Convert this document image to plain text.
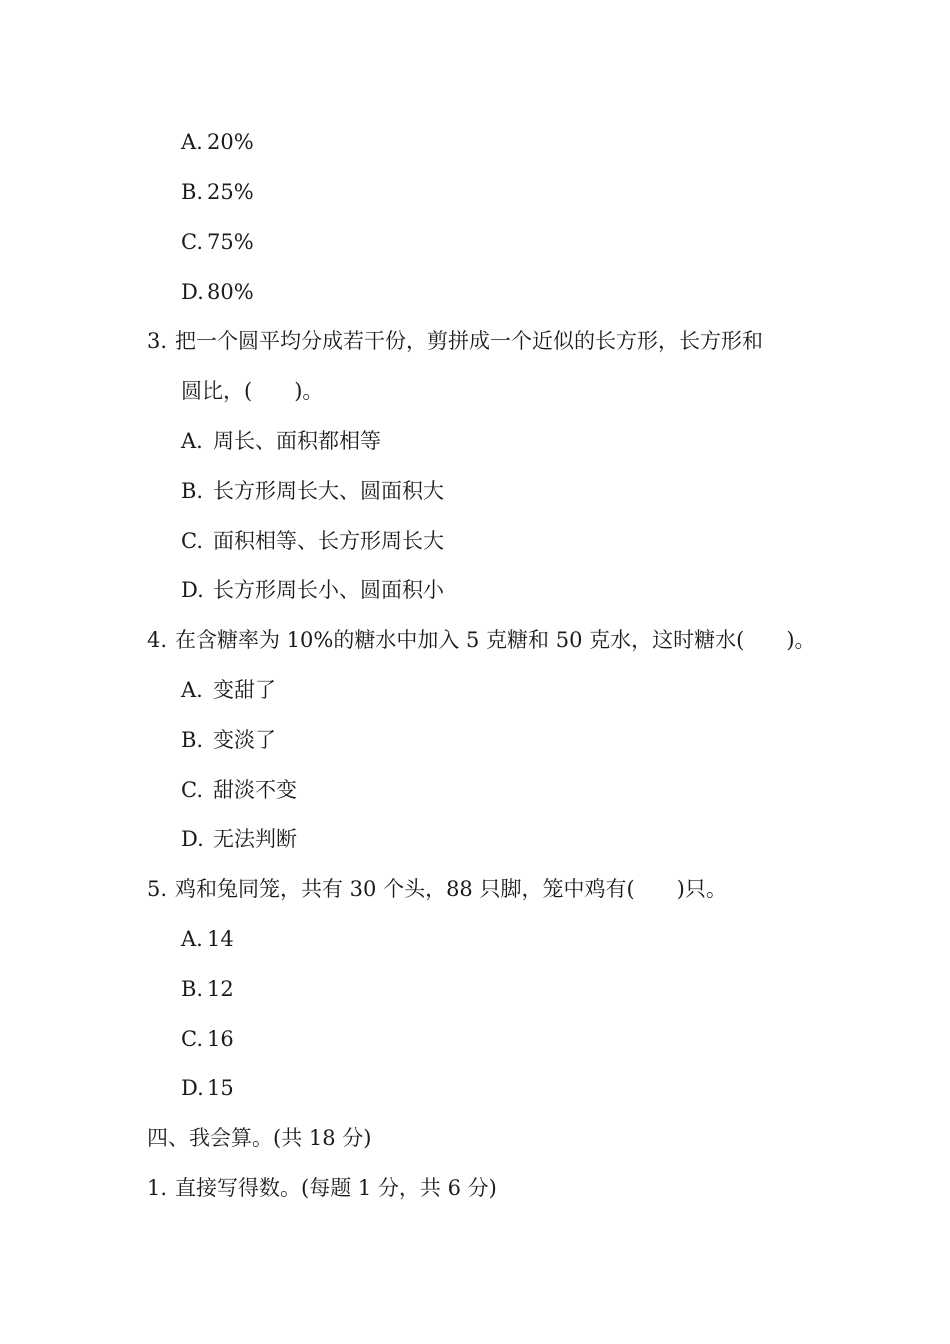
A. 20%
B. 25%
C. 75%
D. 80%
3. 把一个圆平均分成若干份，剪拼成一个近似的长方形，长方形和
圆比，(　　)。
A. 周长、面积都相等
B. 长方形周长大、圆面积大
C. 面积相等、长方形周长大
D. 长方形周长小、圆面积小
4. 在含糖率为 10%的糖水中加入 5 克糖和 50 克水，这时糖水(　　)。
A. 变甜了
B. 变淡了
C. 甜淡不变
D. 无法判断
5. 鸡和兔同笼，共有 30 个头，88 只脚，笼中鸡有(　　)只。
A. 14
B. 12
C. 16
D. 15
四、我会算。(共 18 分)
1. 直接写得数。(每题 1 分，共 6 分)
